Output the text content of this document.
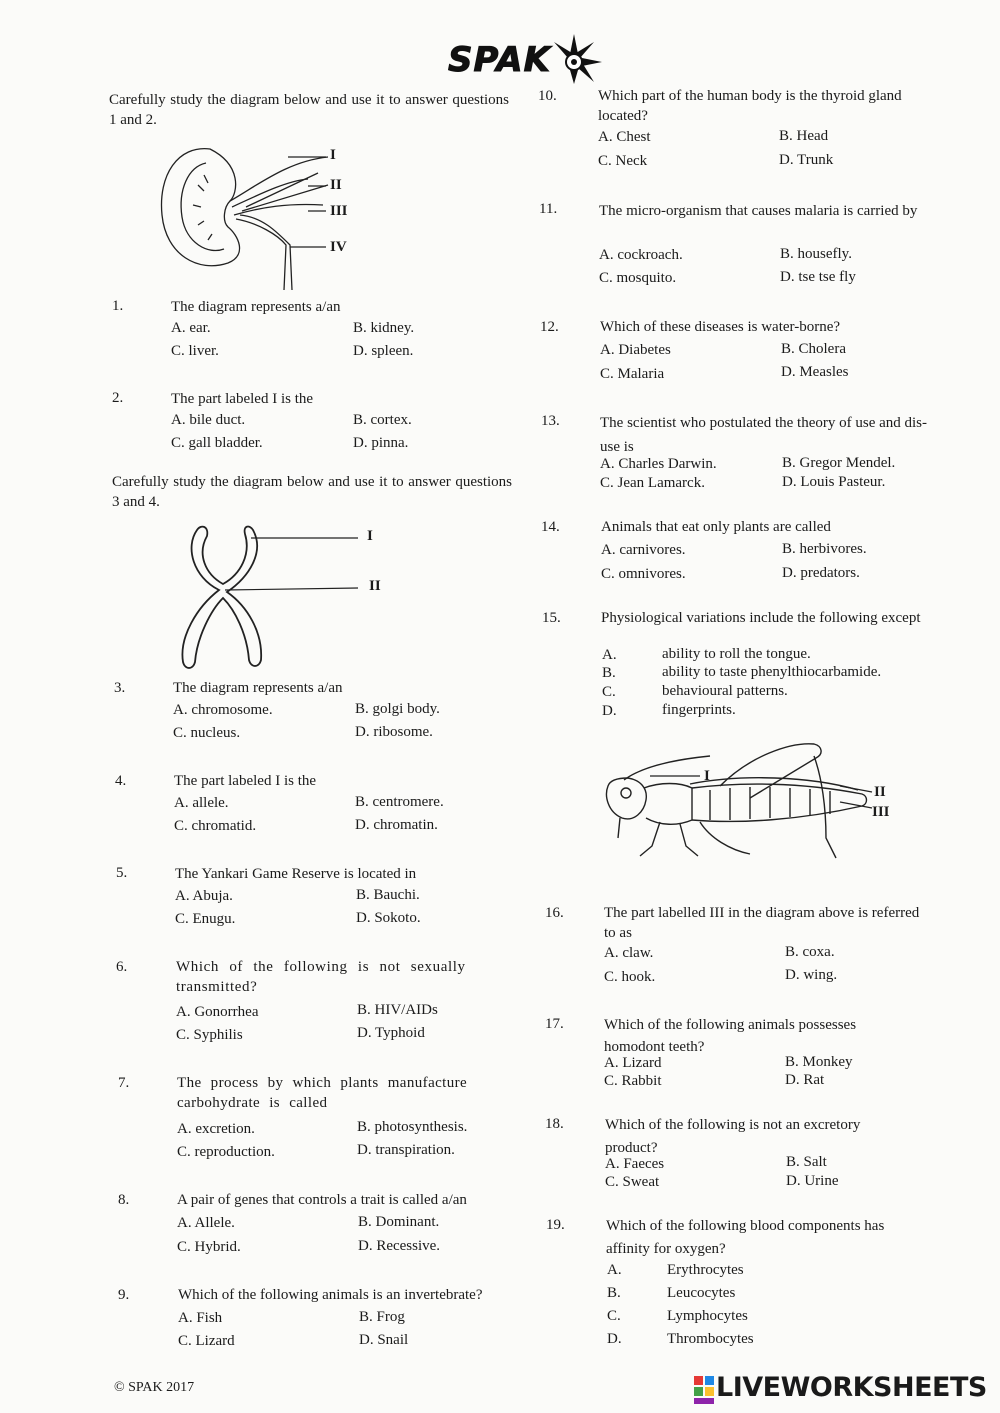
SPAK
Carefully study the diagram below and use it to answer questions 1 and 2.
I
II
III
IV
1.	The diagram represents a/an
A. ear.	B. kidney.
C. liver.	D. spleen.
2.	The part labeled I is the
A. bile duct.	B. cortex.
C. gall bladder.	D. pinna.
Carefully study the diagram below and use it to answer questions 3 and 4.
I
II
3.	The diagram represents a/an
A. chromosome.	B. golgi body.
C. nucleus.	D. ribosome.
4.	The part labeled I is the
A. allele.	B. centromere.
C. chromatid.	D. chromatin.
5.	The Yankari Game Reserve is located in
A. Abuja.	B. Bauchi.
C. Enugu.	D. Sokoto.
6.	Which of the following is not sexually transmitted?
A. Gonorrhea	B. HIV/AIDs
C. Syphilis	D. Typhoid
7.	The process by which plants manufacture carbohydrate is called
A. excretion.	B. photosynthesis.
C. reproduction.	D. transpiration.
8.	A pair of genes that controls a trait is called a/an
A. Allele.	B. Dominant.
C. Hybrid.	D. Recessive.
9.	Which of the following animals is an invertebrate?
A. Fish	B. Frog
C. Lizard	D. Snail
10.	Which part of the human body is the thyroid gland located?
A. Chest	B. Head
C. Neck	D. Trunk
11.	The micro-organism that causes malaria is carried by
A. cockroach.	B. housefly.
C. mosquito.	D. tse tse fly
12.	Which of these diseases is water-borne?
A. Diabetes	B. Cholera
C. Malaria	D. Measles
13.	The scientist who postulated the theory of use and dis-use is
A. Charles Darwin.	B. Gregor Mendel.
C. Jean Lamarck.	D. Louis Pasteur.
14.	Animals that eat only plants are called
A. carnivores.	B. herbivores.
C. omnivores.	D. predators.
15.	Physiological variations include the following except
A.	ability to roll the tongue.
B.	ability to taste phenylthiocarbamide.
C.	behavioural patterns.
D.	fingerprints.
I
II
III
16.	The part labelled III in the diagram above is referred to as
A. claw.	B. coxa.
C. hook.	D. wing.
17.	Which of the following animals possesses homodont teeth?
A. Lizard	B. Monkey
C. Rabbit	D. Rat
18.	Which of the following is not an excretory product?
A. Faeces	B. Salt
C. Sweat	D. Urine
19.	Which of the following blood components has affinity for oxygen?
A.	Erythrocytes
B.	Leucocytes
C.	Lymphocytes
D.	Thrombocytes
© SPAK 2017	LIVEWORKSHEETS
